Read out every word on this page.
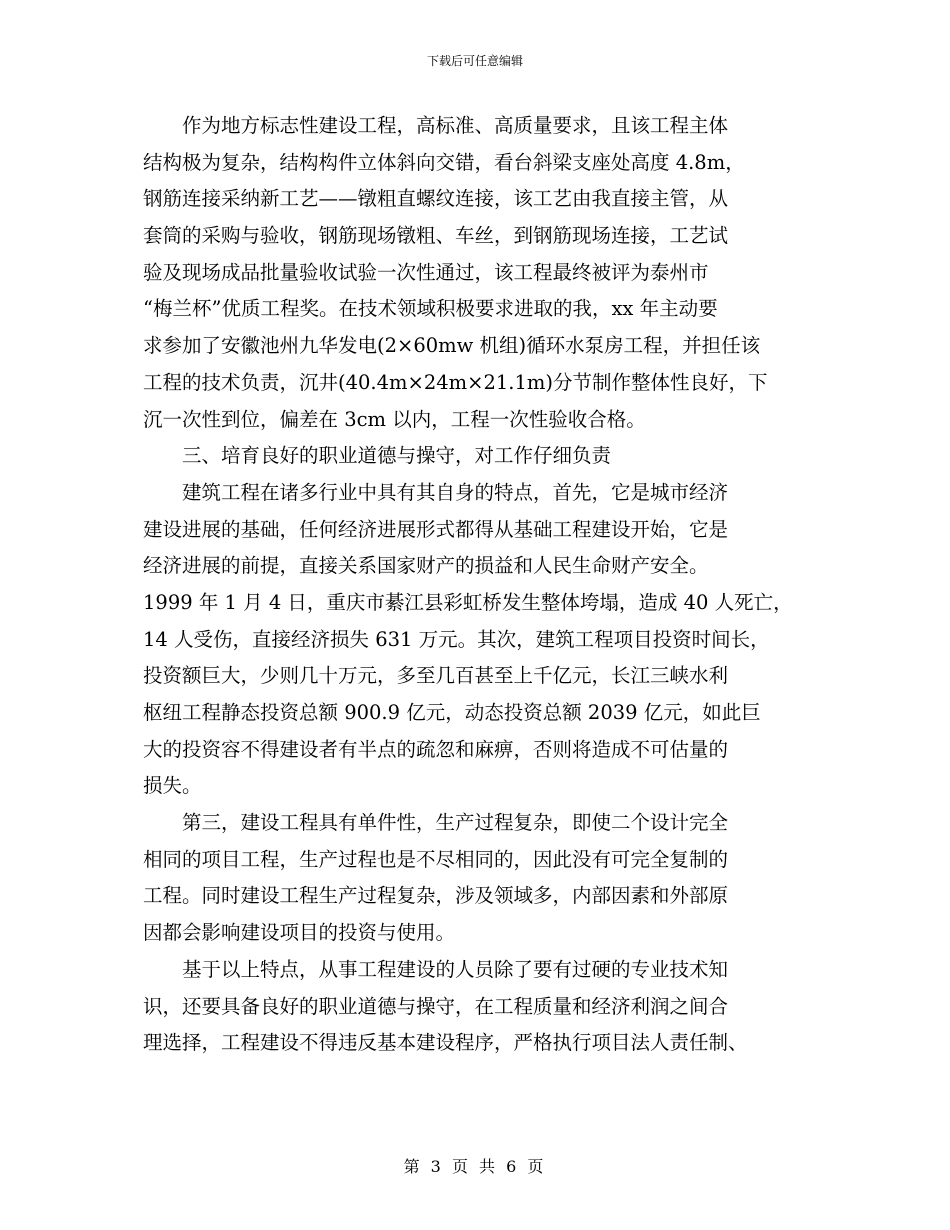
下载后可任意编辑
　　作为地方标志性建设工程，高标准、高质量要求，且该工程主体
结构极为复杂，结构构件立体斜向交错，看台斜梁支座处高度 4.8m，
钢筋连接采纳新工艺——镦粗直螺纹连接，该工艺由我直接主管，从
套筒的采购与验收，钢筋现场镦粗、车丝，到钢筋现场连接，工艺试
验及现场成品批量验收试验一次性通过，该工程最终被评为泰州市
“梅兰杯”优质工程奖。在技术领域积极要求进取的我，xx 年主动要
求参加了安徽池州九华发电(2×60mw 机组)循环水泵房工程，并担任该
工程的技术负责，沉井(40.4m×24m×21.1m)分节制作整体性良好，下
沉一次性到位，偏差在 3cm 以内，工程一次性验收合格。
　　三、培育良好的职业道德与操守，对工作仔细负责
　　建筑工程在诸多行业中具有其自身的特点，首先，它是城市经济
建设进展的基础，任何经济进展形式都得从基础工程建设开始，它是
经济进展的前提，直接关系国家财产的损益和人民生命财产安全。
1999 年 1 月 4 日，重庆市綦江县彩虹桥发生整体垮塌，造成 40 人死亡，
14 人受伤，直接经济损失 631 万元。其次，建筑工程项目投资时间长，
投资额巨大，少则几十万元，多至几百甚至上千亿元，长江三峡水利
枢纽工程静态投资总额 900.9 亿元，动态投资总额 2039 亿元，如此巨
大的投资容不得建设者有半点的疏忽和麻痹，否则将造成不可估量的
损失。
　　第三，建设工程具有单件性，生产过程复杂，即使二个设计完全
相同的项目工程，生产过程也是不尽相同的，因此没有可完全复制的
工程。同时建设工程生产过程复杂，涉及领域多，内部因素和外部原
因都会影响建设项目的投资与使用。
　　基于以上特点，从事工程建设的人员除了要有过硬的专业技术知
识，还要具备良好的职业道德与操守，在工程质量和经济利润之间合
理选择，工程建设不得违反基本建设程序，严格执行项目法人责任制、
第 3 页 共 6 页
